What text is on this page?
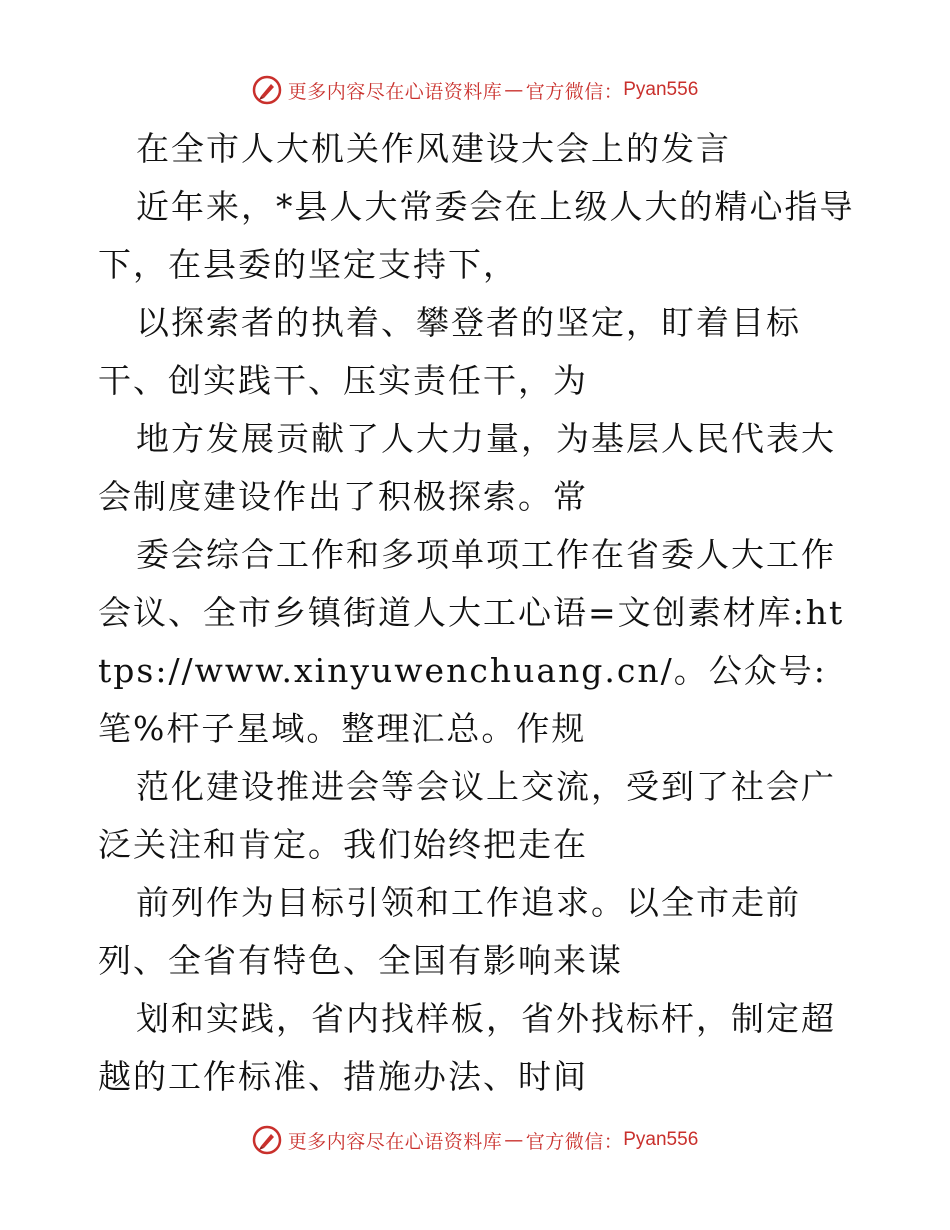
更多内容尽在心语资料库 — 官方微信： Pyan556

在全市人大机关作风建设大会上的发言

近年来，*县人大常委会在上级人大的精心指导下，在县委的坚定支持下，

以探索者的执着、攀登者的坚定，盯着目标干、创实践干、压实责任干，为

地方发展贡献了人大力量，为基层人民代表大会制度建设作出了积极探索。常

委会综合工作和多项单项工作在省委人大工作会议、全市乡镇街道人大工心语=文创素材库:https://www.xinyuwenchuang.cn/。公众号: 笔%杆子星域。整理汇总。作规

范化建设推进会等会议上交流，受到了社会广泛关注和肯定。我们始终把走在

前列作为目标引领和工作追求。以全市走前列、全省有特色、全国有影响来谋

划和实践，省内找样板，省外找标杆，制定超越的工作标准、措施办法、时间

更多内容尽在心语资料库 — 官方微信： Pyan556
